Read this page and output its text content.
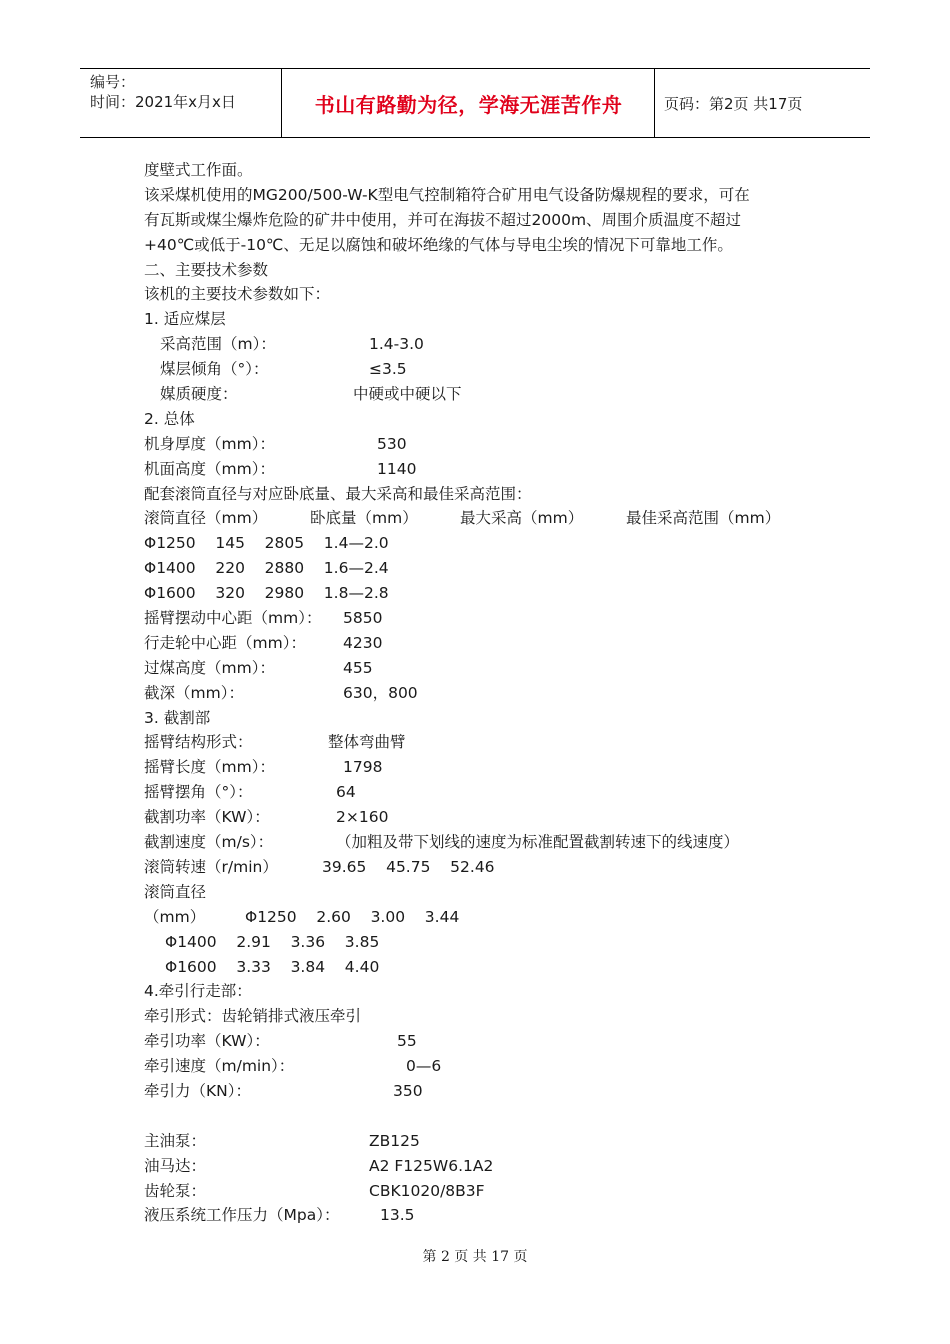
编号：
时间：2021年x月x日	书山有路勤为径，学海无涯苦作舟	页码：第2页 共17页
度壁式工作面。
该采煤机使用的MG200/500-W-K型电气控制箱符合矿用电气设备防爆规程的要求，可在
有瓦斯或煤尘爆炸危险的矿井中使用，并可在海拔不超过2000m、周围介质温度不超过
+40℃或低于-10℃、无足以腐蚀和破坏绝缘的气体与导电尘埃的情况下可靠地工作。
二、主要技术参数
该机的主要技术参数如下：
1. 适应煤层
采高范围（m）：	1.4-3.0
煤层倾角（°）：	≤3.5
媒质硬度：	中硬或中硬以下
2. 总体
机身厚度（mm）：	530
机面高度（mm）：	1140
配套滚筒直径与对应卧底量、最大采高和最佳采高范围：
滚筒直径（mm）	卧底量（mm）	最大采高（mm）	最佳采高范围（mm）
Φ1250    145    2805    1.4—2.0
Φ1400    220    2880    1.6—2.4
Φ1600    320    2980    1.8—2.8
摇臂摆动中心距（mm）： 5850
行走轮中心距（mm）： 4230
过煤高度（mm）：	455
截深（mm）：	630，800
3. 截割部
摇臂结构形式：	整体弯曲臂
摇臂长度（mm）：	1798
摇臂摆角（°）：	64
截割功率（KW）：	2×160
截割速度（m/s）：	（加粗及带下划线的速度为标准配置截割转速下的线速度）
滚筒转速（r/min）	39.65    45.75    52.46
滚筒直径
（mm）	Φ1250    2.60    3.00    3.44
Φ1400    2.91    3.36    3.85
Φ1600    3.33    3.84    4.40
4.牵引行走部：
牵引形式：齿轮销排式液压牵引
牵引功率（KW）：	55
牵引速度（m/min）：	0—6
牵引力（KN）：	350
主油泵：	ZB125
油马达：	A2 F125W6.1A2
齿轮泵：	CBK1020/8B3F
液压系统工作压力（Mpa）：	13.5
第 2 页 共 17 页
